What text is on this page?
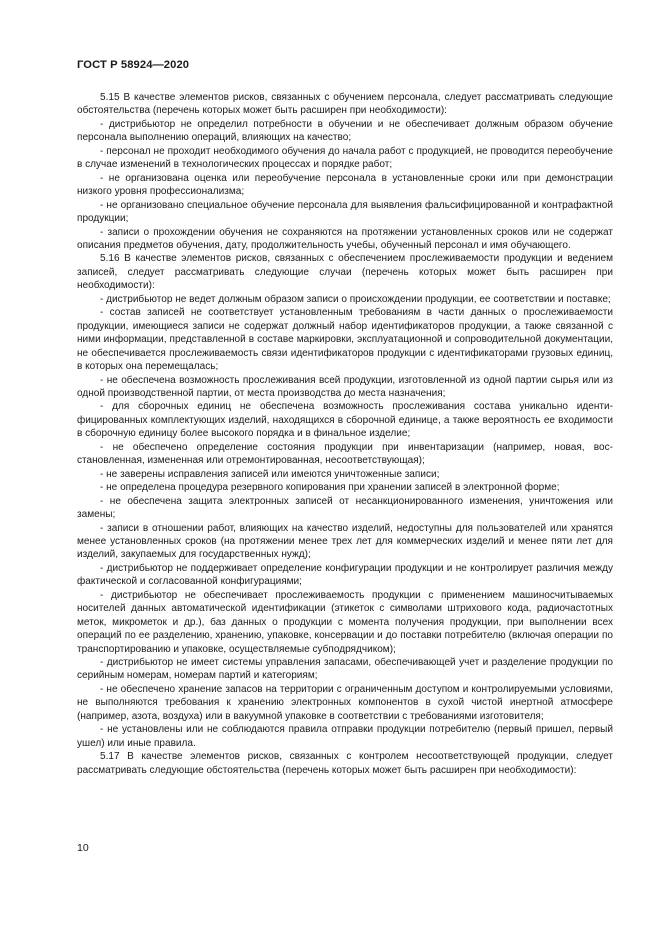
ГОСТ Р 58924—2020

5.15 В качестве элементов рисков, связанных с обучением персонала, следует рассматривать следующие обстоятельства (перечень которых может быть расширен при необходимости):

- дистрибьютор не определил потребности в обучении и не обеспечивает должным образом обучение персонала выполнению операций, влияющих на качество;

- персонал не проходит необходимого обучения до начала работ с продукцией, не проводится переобучение в случае изменений в технологических процессах и порядке работ;

- не организована оценка или переобучение персонала в установленные сроки или при демонстрации низкого уровня профессионализма;

- не организовано специальное обучение персонала для выявления фальсифицированной и контрафактной продукции;

- записи о прохождении обучения не сохраняются на протяжении установленных сроков или не содержат описания предметов обучения, дату, продолжительность учебы, обученный персонал и имя обучающего.

5.16 В качестве элементов рисков, связанных с обеспечением прослеживаемости продукции и ведением записей, следует рассматривать следующие случаи (перечень которых может быть расширен при необходимости):

- дистрибьютор не ведет должным образом записи о происхождении продукции, ее соответствии и поставке;

- состав записей не соответствует установленным требованиям в части данных о прослеживаемости продукции, имеющиеся записи не содержат должный набор идентификаторов продукции, а также связанной с ними информации, представленной в составе маркировки, эксплуатационной и сопроводительной документации, не обеспечивается прослеживаемость связи идентификаторов продукции с идентификаторами грузовых единиц, в которых она перемещалась;

- не обеспечена возможность прослеживания всей продукции, изготовленной из одной партии сырья или из одной производственной партии, от места производства до места назначения;

- для сборочных единиц не обеспечена возможность прослеживания состава уникально идентифицированных комплектующих изделий, находящихся в сборочной единице, а также вероятность ее входимости в сборочную единицу более высокого порядка и в финальное изделие;

- не обеспечено определение состояния продукции при инвентаризации (например, новая, восстановленная, измененная или отремонтированная, несоответствующая);

- не заверены исправления записей или имеются уничтоженные записи;

- не определена процедура резервного копирования при хранении записей в электронной форме;

- не обеспечена защита электронных записей от несанкционированного изменения, уничтожения или замены;

- записи в отношении работ, влияющих на качество изделий, недоступны для пользователей или хранятся менее установленных сроков (на протяжении менее трех лет для коммерческих изделий и менее пяти лет для изделий, закупаемых для государственных нужд);

- дистрибьютор не поддерживает определение конфигурации продукции и не контролирует различия между фактической и согласованной конфигурациями;

- дистрибьютор не обеспечивает прослеживаемость продукции с применением машиносчитываемых носителей данных автоматической идентификации (этикеток с символами штрихового кода, радиочастотных меток, микрометок и др.), баз данных о продукции с момента получения продукции, при выполнении всех операций по ее разделению, хранению, упаковке, консервации и до поставки потребителю (включая операции по транспортированию и упаковке, осуществляемые субподрядчиком);

- дистрибьютор не имеет системы управления запасами, обеспечивающей учет и разделение продукции по серийным номерам, номерам партий и категориям;

- не обеспечено хранение запасов на территории с ограниченным доступом и контролируемыми условиями, не выполняются требования к хранению электронных компонентов в сухой чистой инертной атмосфере (например, азота, воздуха) или в вакуумной упаковке в соответствии с требованиями изготовителя;

- не установлены или не соблюдаются правила отправки продукции потребителю (первый пришел, первый ушел) или иные правила.

5.17 В качестве элементов рисков, связанных с контролем несоответствующей продукции, следует рассматривать следующие обстоятельства (перечень которых может быть расширен при необходимости):

10
